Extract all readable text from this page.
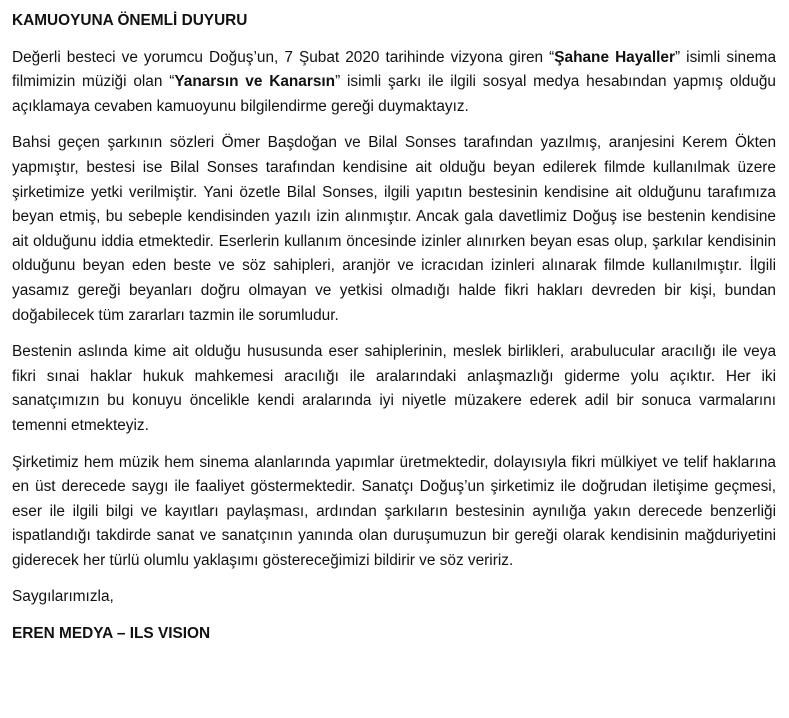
KAMUOYUNA ÖNEMLİ DUYURU

Değerli besteci ve yorumcu Doğuş’un, 7 Şubat 2020 tarihinde vizyona giren “Şahane Hayaller” isimli sinema filmimizin müziği olan “Yanarsın ve Kanarsın” isimli şarkı ile ilgili sosyal medya hesabından yapmış olduğu açıklamaya cevaben kamuoyunu bilgilendirme gereği duymaktayız.

Bahsi geçen şarkının sözleri Ömer Başdoğan ve Bilal Sonses tarafından yazılmış, aranjesini Kerem Ökten yapmıştır, bestesi ise Bilal Sonses tarafından kendisine ait olduğu beyan edilerek filmde kullanılmak üzere şirketimize yetki verilmiştir. Yani özetle Bilal Sonses, ilgili yapıtın bestesinin kendisine ait olduğunu tarafımıza beyan etmiş, bu sebeple kendisinden yazılı izin alınmıştır. Ancak gala davetlimiz Doğuş ise bestenin kendisine ait olduğunu iddia etmektedir. Eserlerin kullanım öncesinde izinler alınırken beyan esas olup, şarkılar kendisinin olduğunu beyan eden beste ve söz sahipleri, aranjör ve icracıdan izinleri alınarak filmde kullanılmıştır. İlgili yasamız gereği beyanları doğru olmayan ve yetkisi olmadığı halde fikri hakları devreden bir kişi, bundan doğabilecek tüm zararları tazmin ile sorumludur.

Bestenin aslında kime ait olduğu hususunda eser sahiplerinin, meslek birlikleri, arabulucular aracılığı ile veya fikri sınai haklar hukuk mahkemesi aracılığı ile aralarındaki anlaşmazlığı giderme yolu açıktır. Her iki sanatçımızın bu konuyu öncelikle kendi aralarında iyi niyetle müzakere ederek adil bir sonuca varmalarını temenni etmekteyiz.

Şirketimiz hem müzik hem sinema alanlarında yapımlar üretmektedir, dolayısıyla fikri mülkiyet ve telif haklarına en üst derecede saygı ile faaliyet göstermektedir. Sanatçı Doğuş’un şirketimiz ile doğrudan iletişime geçmesi, eser ile ilgili bilgi ve kayıtları paylaşması, ardından şarkıların bestesinin aynılığa yakın derecede benzerliği ispatlandığı takdirde sanat ve sanatçının yanında olan duruşumuzun bir gereği olarak kendisinin mağduriyetini giderecek her türlü olumlu yaklaşımı göstereceğimizi bildirir ve söz veririz.

Saygılarımızla,

EREN MEDYA – ILS VISION
